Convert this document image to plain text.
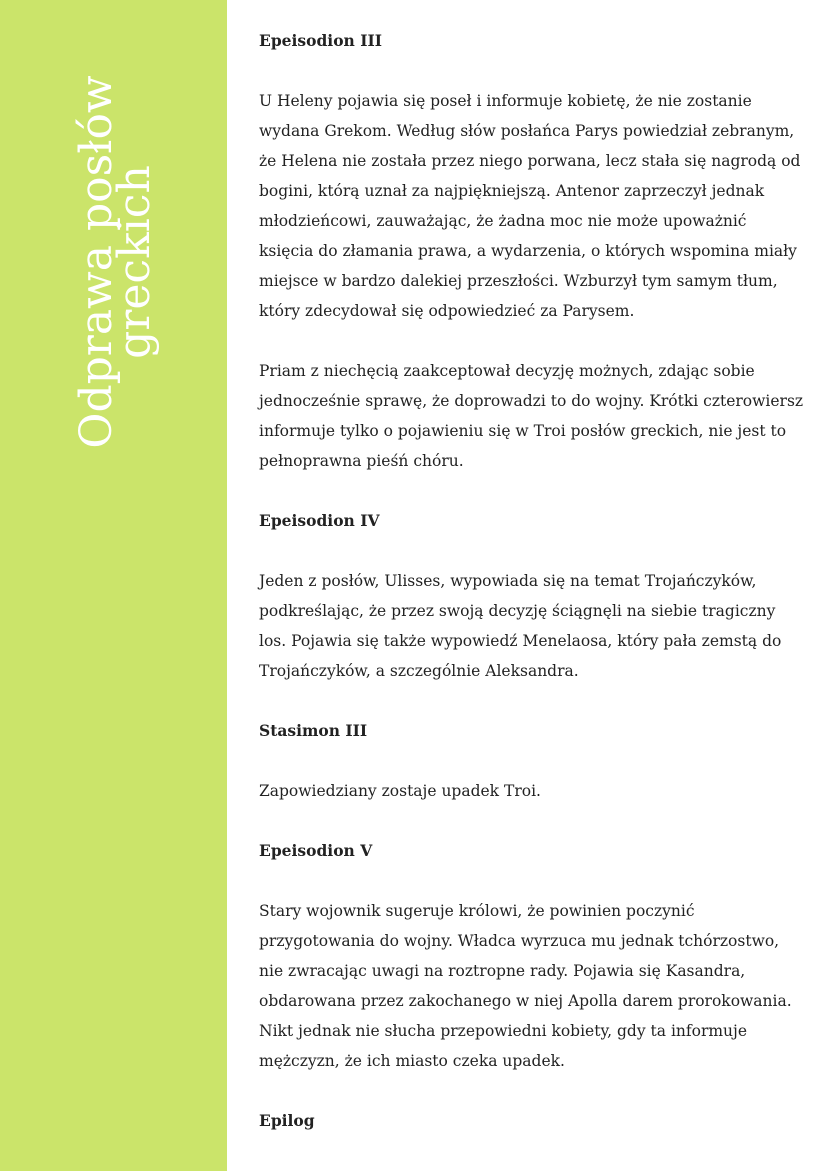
Odprawa posłów
greckich
Epeisodion III

U Heleny pojawia się poseł i informuje kobietę, że nie zostanie wydana Grekom. Według słów posłańca Parys powiedział zebranym, że Helena nie została przez niego porwana, lecz stała się nagrodą od bogini, którą uznał za najpiękniejszą. Antenor zaprzeczył jednak młodzieńcowi, zauważając, że żadna moc nie może upoważnić księcia do złamania prawa, a wydarzenia, o których wspomina miały miejsce w bardzo dalekiej przeszłości. Wzburzył tym samym tłum, który zdecydował się odpowiedzieć za Parysem.

Priam z niechęcią zaakceptował decyzję możnych, zdając sobie jednocześnie sprawę, że doprowadzi to do wojny. Krótki czterowiersz informuje tylko o pojawieniu się w Troi posłów greckich, nie jest to pełnoprawna pieśń chóru.

Epeisodion IV

Jeden z posłów, Ulisses, wypowiada się na temat Trojańczyków, podkreślając, że przez swoją decyzję ściągnęli na siebie tragiczny los. Pojawia się także wypowiedź Menelaosa, który pała zemstą do Trojańczyków, a szczególnie Aleksandra.

Stasimon III

Zapowiedziany zostaje upadek Troi.

Epeisodion V

Stary wojownik sugeruje królowi, że powinien poczynić przygotowania do wojny. Władca wyrzuca mu jednak tchórzostwo, nie zwracając uwagi na roztropne rady. Pojawia się Kasandra, obdarowana przez zakochanego w niej Apolla darem prorokowania. Nikt jednak nie słucha przepowiedni kobiety, gdy ta informuje mężczyzn, że ich miasto czeka upadek.

Epilog
